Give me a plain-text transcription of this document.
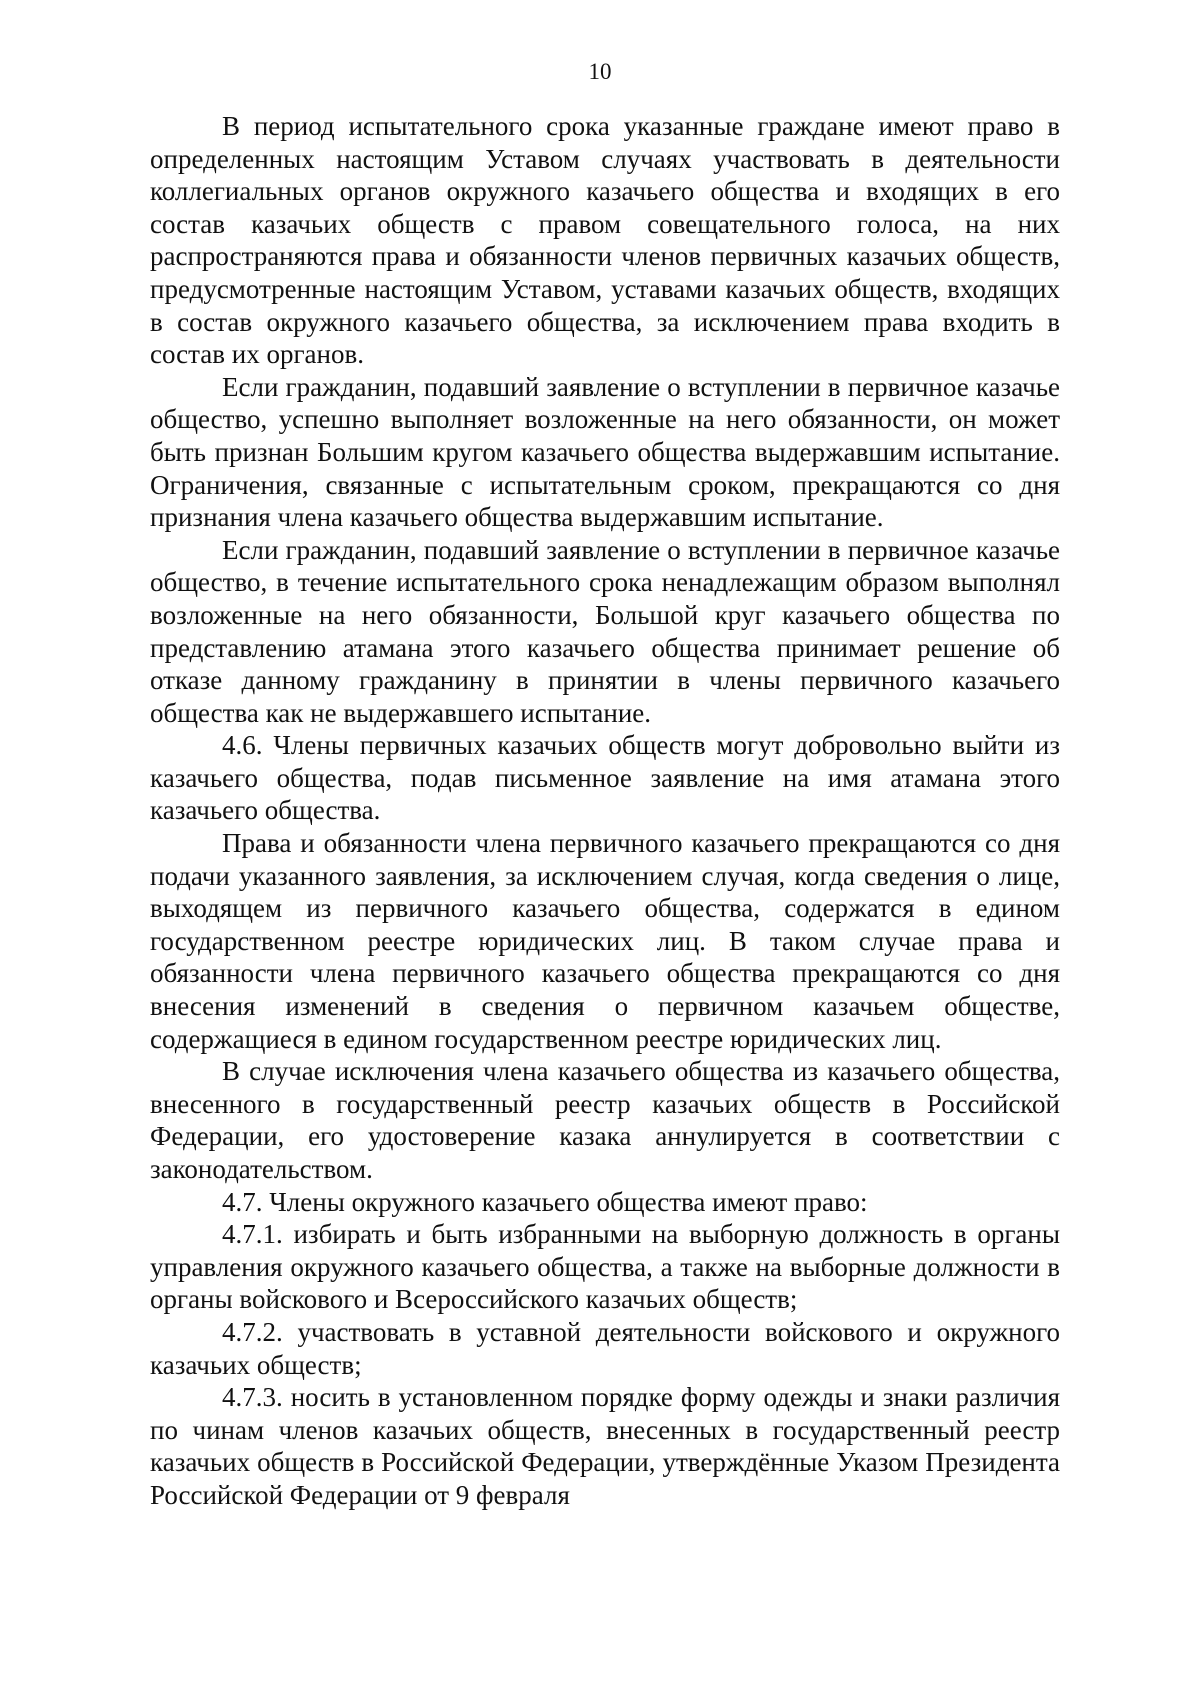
10

В период испытательного срока указанные граждане имеют право в определенных настоящим Уставом случаях участвовать в деятельности коллегиальных органов окружного казачьего общества и входящих в его состав казачьих обществ с правом совещательного голоса, на них распространяются права и обязанности членов первичных казачьих обществ, предусмотренные настоящим Уставом, уставами казачьих обществ, входящих в состав окружного казачьего общества, за исключением права входить в состав их органов.

Если гражданин, подавший заявление о вступлении в первичное казачье общество, успешно выполняет возложенные на него обязанности, он может быть признан Большим кругом казачьего общества выдержавшим испытание. Ограничения, связанные с испытательным сроком, прекращаются со дня признания члена казачьего общества выдержавшим испытание.

Если гражданин, подавший заявление о вступлении в первичное казачье общество, в течение испытательного срока ненадлежащим образом выполнял возложенные на него обязанности, Большой круг казачьего общества по представлению атамана этого казачьего общества принимает решение об отказе данному гражданину в принятии в члены первичного казачьего общества как не выдержавшего испытание.

4.6. Члены первичных казачьих обществ могут добровольно выйти из казачьего общества, подав письменное заявление на имя атамана этого казачьего общества.

Права и обязанности члена первичного казачьего прекращаются со дня подачи указанного заявления, за исключением случая, когда сведения о лице, выходящем из первичного казачьего общества, содержатся в едином государственном реестре юридических лиц. В таком случае права и обязанности члена первичного казачьего общества прекращаются со дня внесения изменений в сведения о первичном казачьем обществе, содержащиеся в едином государственном реестре юридических лиц.

В случае исключения члена казачьего общества из казачьего общества, внесенного в государственный реестр казачьих обществ в Российской Федерации, его удостоверение казака аннулируется в соответствии с законодательством.

4.7. Члены окружного казачьего общества имеют право:

4.7.1. избирать и быть избранными на выборную должность в органы управления окружного казачьего общества, а также на выборные должности в органы войскового и Всероссийского казачьих обществ;

4.7.2. участвовать в уставной деятельности войскового и окружного казачьих обществ;

4.7.3. носить в установленном порядке форму одежды и знаки различия по чинам членов казачьих обществ, внесенных в государственный реестр казачьих обществ в Российской Федерации, утверждённые Указом Президента Российской Федерации от 9 февраля
